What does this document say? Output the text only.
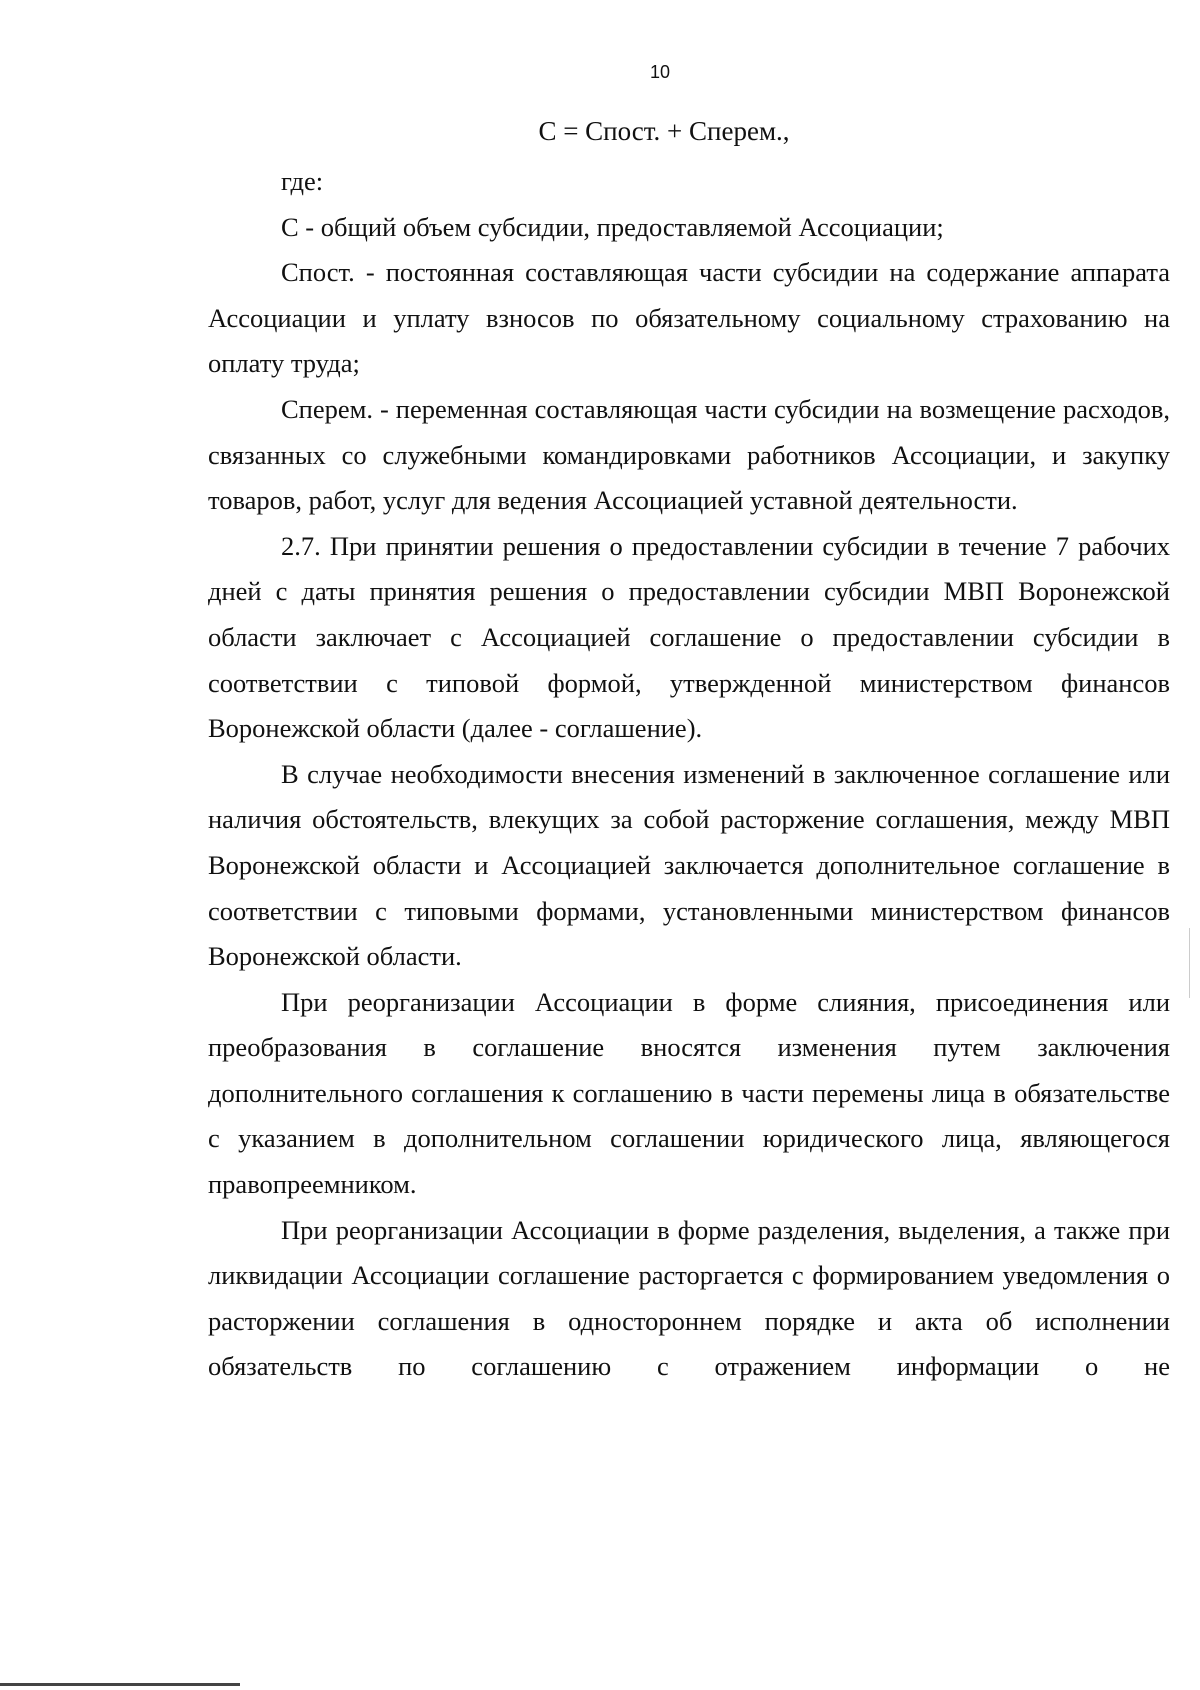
10
С = Спост. + Сперем.,

где:

С - общий объем субсидии, предоставляемой Ассоциации;

Спост. - постоянная составляющая части субсидии на содержание аппарата Ассоциации и уплату взносов по обязательному социальному страхованию на оплату труда;

Сперем. - переменная составляющая части субсидии на возмещение расходов, связанных со служебными командировками работников Ассоциации, и закупку товаров, работ, услуг для ведения Ассоциацией уставной деятельности.

2.7. При принятии решения о предоставлении субсидии в течение 7 рабочих дней с даты принятия решения о предоставлении субсидии МВП Воронежской области заключает с Ассоциацией соглашение о предоставлении субсидии в соответствии с типовой формой, утвержденной министерством финансов Воронежской области (далее - соглашение).

В случае необходимости внесения изменений в заключенное соглашение или наличия обстоятельств, влекущих за собой расторжение соглашения, между МВП Воронежской области и Ассоциацией заключается дополнительное соглашение в соответствии с типовыми формами, установленными министерством финансов Воронежской области.

При реорганизации Ассоциации в форме слияния, присоединения или преобразования в соглашение вносятся изменения путем заключения дополнительного соглашения к соглашению в части перемены лица в обязательстве с указанием в дополнительном соглашении юридического лица, являющегося правопреемником.

При реорганизации Ассоциации в форме разделения, выделения, а также при ликвидации Ассоциации соглашение расторгается с формированием уведомления о расторжении соглашения в одностороннем порядке и акта об исполнении обязательств по соглашению с отражением информации о не
